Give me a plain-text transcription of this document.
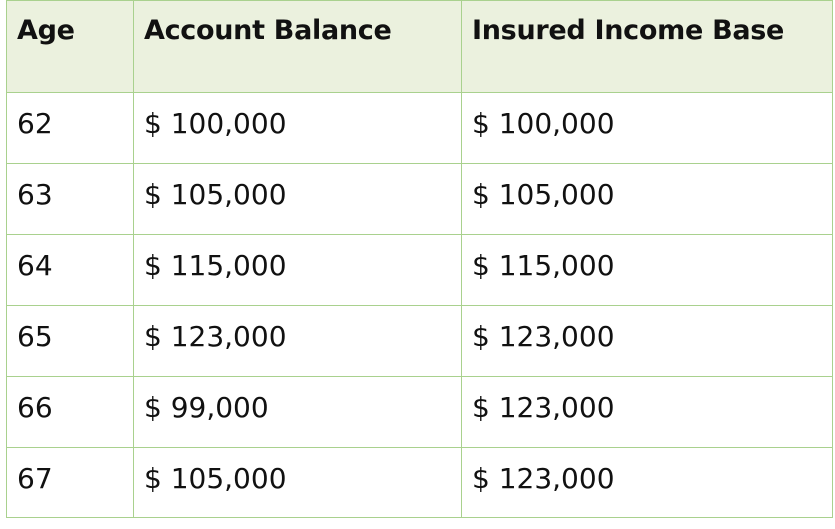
Age	Account Balance	Insured Income Base
62	$ 100,000	$ 100,000
63	$ 105,000	$ 105,000
64	$ 115,000	$ 115,000
65	$ 123,000	$ 123,000
66	$ 99,000	$ 123,000
67	$ 105,000	$ 123,000
